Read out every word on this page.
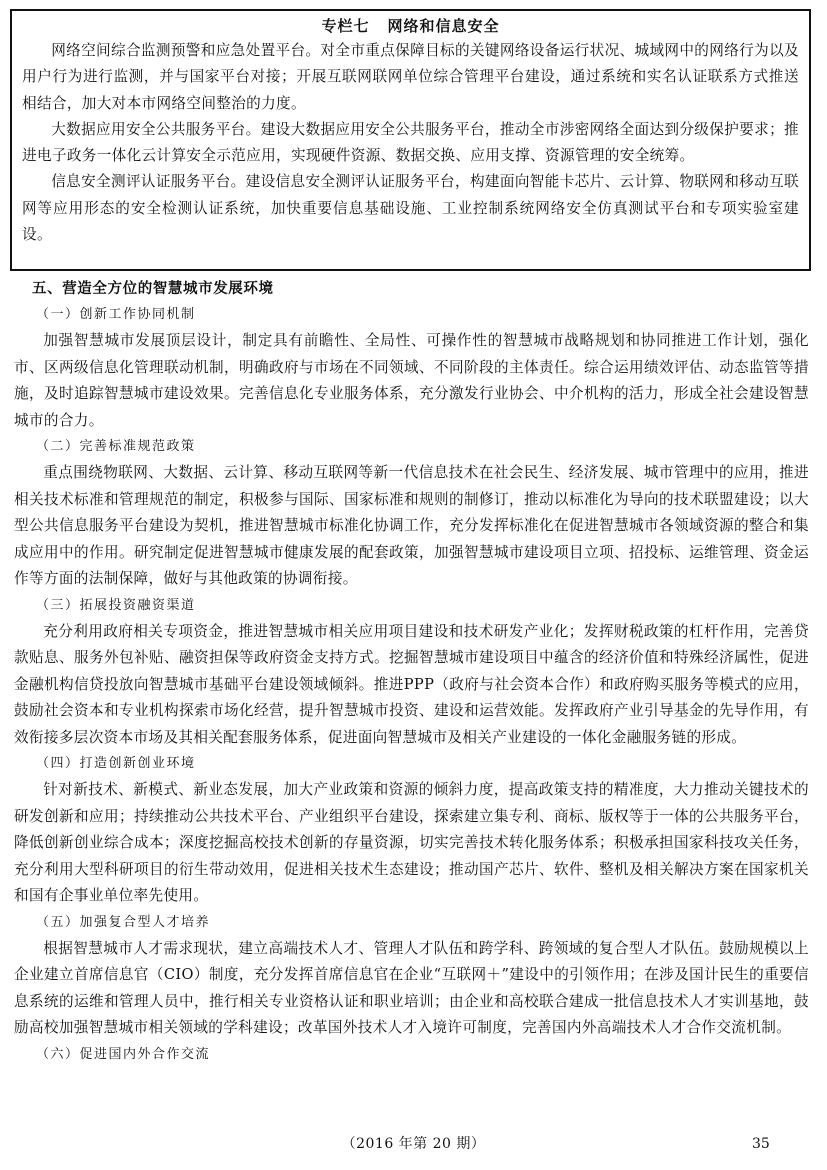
专栏七 网络和信息安全

网络空间综合监测预警和应急处置平台。对全市重点保障目标的关键网络设备运行状况、城域网中的网络行为以及用户行为进行监测，并与国家平台对接；开展互联网联网单位综合管理平台建设，通过系统和实名认证联系方式推送相结合，加大对本市网络空间整治的力度。

大数据应用安全公共服务平台。建设大数据应用安全公共服务平台，推动全市涉密网络全面达到分级保护要求；推进电子政务一体化云计算安全示范应用，实现硬件资源、数据交换、应用支撑、资源管理的安全统筹。

信息安全测评认证服务平台。建设信息安全测评认证服务平台，构建面向智能卡芯片、云计算、物联网和移动互联网等应用形态的安全检测认证系统，加快重要信息基础设施、工业控制系统网络安全仿真测试平台和专项实验室建设。

五、营造全方位的智慧城市发展环境
（一）创新工作协同机制

加强智慧城市发展顶层设计，制定具有前瞻性、全局性、可操作性的智慧城市战略规划和协同推进工作计划，强化市、区两级信息化管理联动机制，明确政府与市场在不同领域、不同阶段的主体责任。综合运用绩效评估、动态监管等措施，及时追踪智慧城市建设效果。完善信息化专业服务体系，充分激发行业协会、中介机构的活力，形成全社会建设智慧城市的合力。

（二）完善标准规范政策

重点围绕物联网、大数据、云计算、移动互联网等新一代信息技术在社会民生、经济发展、城市管理中的应用，推进相关技术标准和管理规范的制定，积极参与国际、国家标准和规则的制修订，推动以标准化为导向的技术联盟建设；以大型公共信息服务平台建设为契机，推进智慧城市标准化协调工作，充分发挥标准化在促进智慧城市各领域资源的整合和集成应用中的作用。研究制定促进智慧城市健康发展的配套政策，加强智慧城市建设项目立项、招投标、运维管理、资金运作等方面的法制保障，做好与其他政策的协调衔接。

（三）拓展投资融资渠道

充分利用政府相关专项资金，推进智慧城市相关应用项目建设和技术研发产业化；发挥财税政策的杠杆作用，完善贷款贴息、服务外包补贴、融资担保等政府资金支持方式。挖掘智慧城市建设项目中蕴含的经济价值和特殊经济属性，促进金融机构信贷投放向智慧城市基础平台建设领域倾斜。推进PPP（政府与社会资本合作）和政府购买服务等模式的应用，鼓励社会资本和专业机构探索市场化经营，提升智慧城市投资、建设和运营效能。发挥政府产业引导基金的先导作用，有效衔接多层次资本市场及其相关配套服务体系，促进面向智慧城市及相关产业建设的一体化金融服务链的形成。

（四）打造创新创业环境

针对新技术、新模式、新业态发展，加大产业政策和资源的倾斜力度，提高政策支持的精准度，大力推动关键技术的研发创新和应用；持续推动公共技术平台、产业组织平台建设，探索建立集专利、商标、版权等于一体的公共服务平台，降低创新创业综合成本；深度挖掘高校技术创新的存量资源，切实完善技术转化服务体系；积极承担国家科技攻关任务，充分利用大型科研项目的衍生带动效用，促进相关技术生态建设；推动国产芯片、软件、整机及相关解决方案在国家机关和国有企事业单位率先使用。

（五）加强复合型人才培养

根据智慧城市人才需求现状，建立高端技术人才、管理人才队伍和跨学科、跨领域的复合型人才队伍。鼓励规模以上企业建立首席信息官（CIO）制度，充分发挥首席信息官在企业“互联网＋”建设中的引领作用；在涉及国计民生的重要信息系统的运维和管理人员中，推行相关专业资格认证和职业培训；由企业和高校联合建成一批信息技术人才实训基地，鼓励高校加强智慧城市相关领域的学科建设；改革国外技术人才入境许可制度，完善国内外高端技术人才合作交流机制。

（六）促进国内外合作交流
（2016 年第 20 期）	35
